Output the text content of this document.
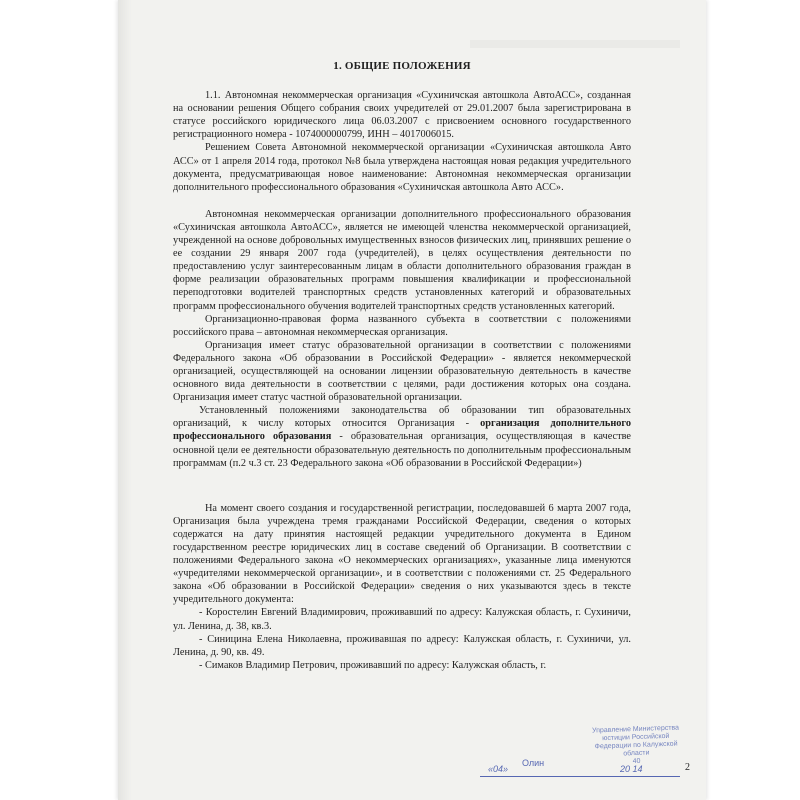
1. ОБЩИЕ ПОЛОЖЕНИЯ

1.1. Автономная некоммерческая организация «Сухиничская автошкола АвтоАСС», созданная на основании решения Общего собрания своих учредителей от 29.01.2007 была зарегистрирована в статусе российского юридического лица 06.03.2007 с присвоением основного государственного регистрационного номера - 1074000000799, ИНН – 4017006015.

Решением Совета Автономной некоммерческой организации «Сухиничская автошкола Авто АСС» от 1 апреля 2014 года, протокол №8 была утверждена настоящая новая редакция учредительного документа, предусматривающая новое наименование: Автономная некоммерческая организации дополнительного профессионального образования «Сухиничская автошкола Авто АСС».

Автономная некоммерческая организации дополнительного профессионального образования «Сухиничская автошкола АвтоАСС», является не имеющей членства некоммерческой организацией, учрежденной на основе добровольных имущественных взносов физических лиц, принявших решение о ее создании 29 января 2007 года (учредителей), в целях осуществления деятельности по предоставлению услуг заинтересованным лицам в области дополнительного образования граждан в форме реализации образовательных программ повышения квалификации и профессиональной переподготовки водителей транспортных средств установленных категорий и образовательных программ профессионального обучения водителей транспортных средств установленных категорий.

Организационно-правовая форма названного субъекта в соответствии с положениями российского права – автономная некоммерческая организация.

Организация имеет статус образовательной организации в соответствии с положениями Федерального закона «Об образовании в Российской Федерации» - является некоммерческой организацией, осуществляющей на основании лицензии образовательную деятельность в качестве основного вида деятельности в соответствии с целями, ради достижения которых она создана. Организация имеет статус частной образовательной организации.

Установленный положениями законодательства об образовании тип образовательных организаций, к числу которых относится Организация - организация дополнительного профессионального образования - образовательная организация, осуществляющая в качестве основной цели ее деятельности образовательную деятельность по дополнительным профессиональным программам (п.2 ч.3 ст. 23 Федерального закона «Об образовании в Российской Федерации»)

На момент своего создания и государственной регистрации, последовавшей 6 марта 2007 года, Организация была учреждена тремя гражданами Российской Федерации, сведения о которых содержатся на дату принятия настоящей редакции учредительного документа в Едином государственном реестре юридических лиц в составе сведений об Организации. В соответствии с положениями Федерального закона «О некоммерческих организациях», указанные лица именуются «учредителями некоммерческой организации», и в соответствии с положениями ст. 25 Федерального закона «Об образовании в Российской Федерации» сведения о них указываются здесь в тексте учредительного документа:

- Коростелин Евгений Владимирович, проживавший по адресу: Калужская область, г. Сухиничи, ул. Ленина, д. 38, кв.3.

- Синицина Елена Николаевна, проживавшая по адресу: Калужская область, г. Сухиничи, ул. Ленина, д. 90, кв. 49.

- Симаков Владимир Петрович, проживавший по адресу: Калужская область, г.

Управление Министерства юстиции Российской Федерации по Калужской области
40
«04»
Олин
20 14	2
